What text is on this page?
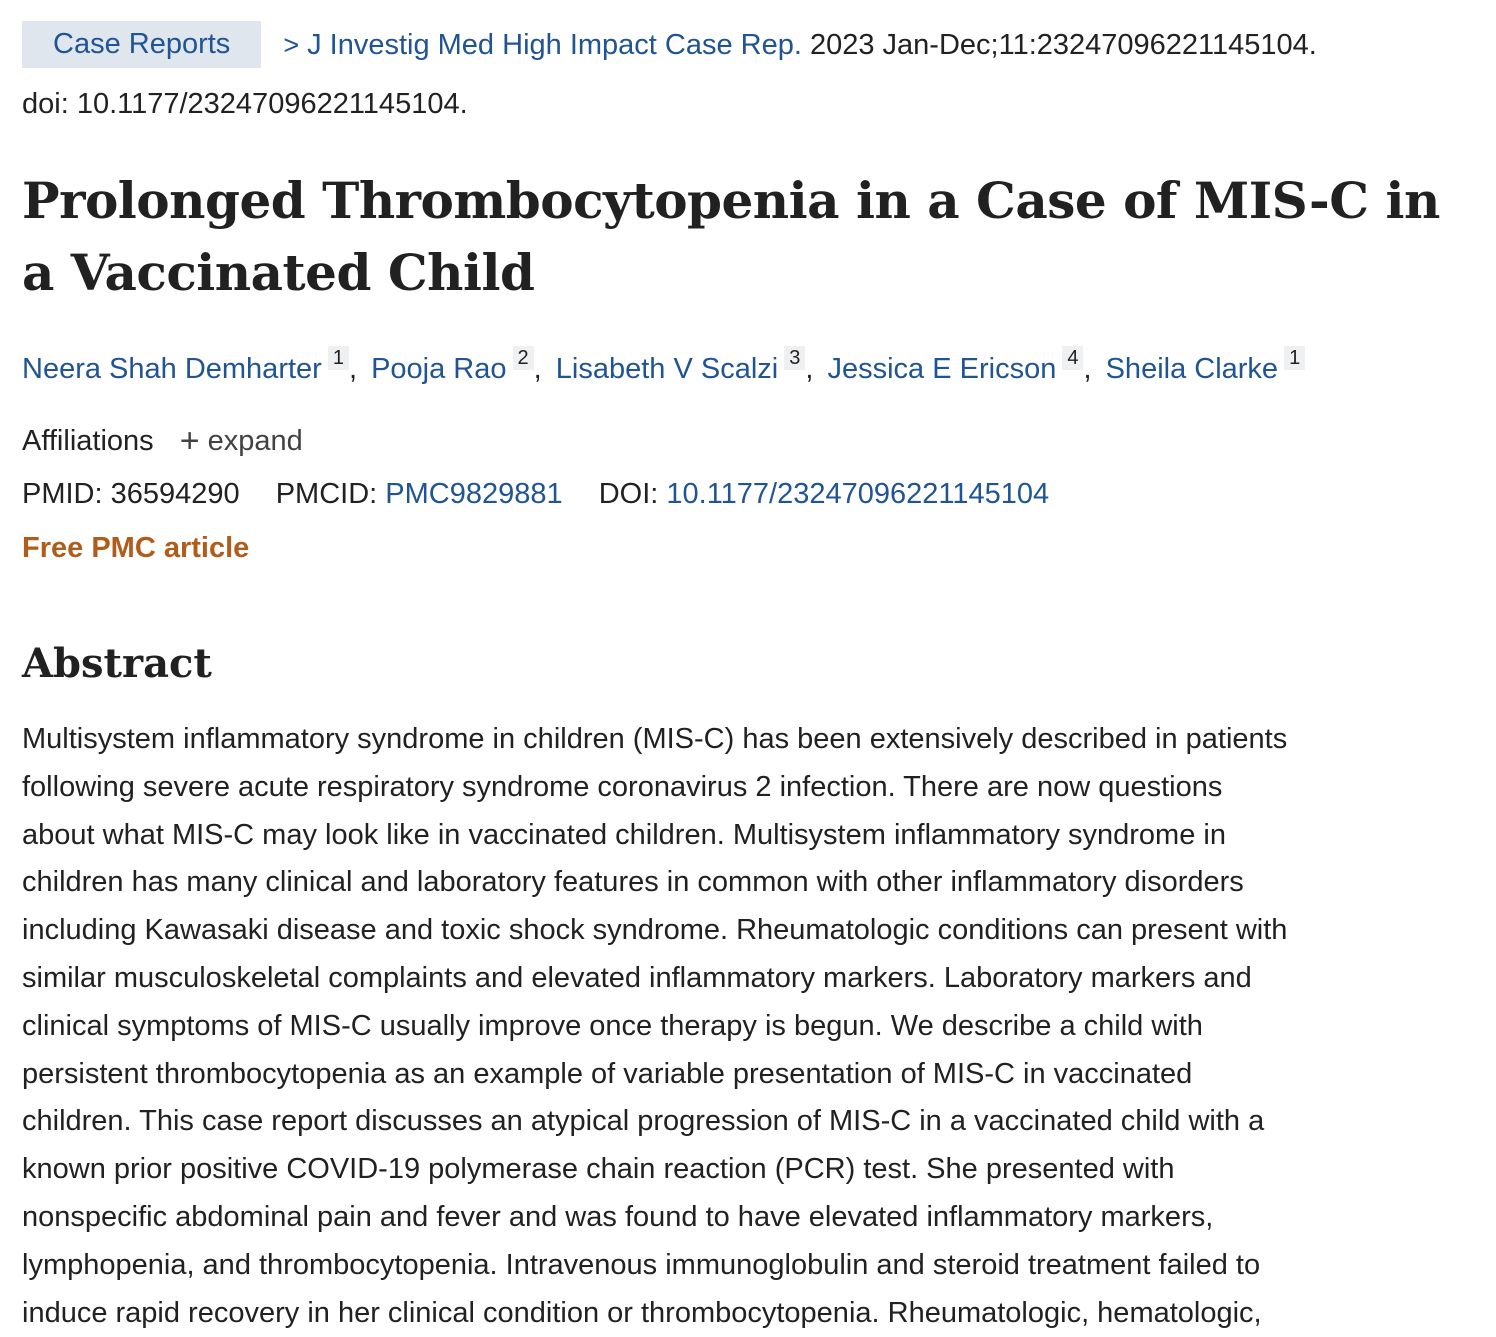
Case Reports > J Investig Med High Impact Case Rep. 2023 Jan-Dec;11:23247096221145104.
doi: 10.1177/23247096221145104.
Prolonged Thrombocytopenia in a Case of MIS-C in a Vaccinated Child
Neera Shah Demharter 1 , Pooja Rao 2 , Lisabeth V Scalzi 3 , Jessica E Ericson 4 , Sheila Clarke 1
Affiliations + expand
PMID: 36594290 PMCID: PMC9829881 DOI: 10.1177/23247096221145104
Free PMC article
Abstract
Multisystem inflammatory syndrome in children (MIS-C) has been extensively described in patients
following severe acute respiratory syndrome coronavirus 2 infection. There are now questions
about what MIS-C may look like in vaccinated children. Multisystem inflammatory syndrome in
children has many clinical and laboratory features in common with other inflammatory disorders
including Kawasaki disease and toxic shock syndrome. Rheumatologic conditions can present with
similar musculoskeletal complaints and elevated inflammatory markers. Laboratory markers and
clinical symptoms of MIS-C usually improve once therapy is begun. We describe a child with
persistent thrombocytopenia as an example of variable presentation of MIS-C in vaccinated
children. This case report discusses an atypical progression of MIS-C in a vaccinated child with a
known prior positive COVID-19 polymerase chain reaction (PCR) test. She presented with
nonspecific abdominal pain and fever and was found to have elevated inflammatory markers,
lymphopenia, and thrombocytopenia. Intravenous immunoglobulin and steroid treatment failed to
induce rapid recovery in her clinical condition or thrombocytopenia. Rheumatologic, hematologic,
